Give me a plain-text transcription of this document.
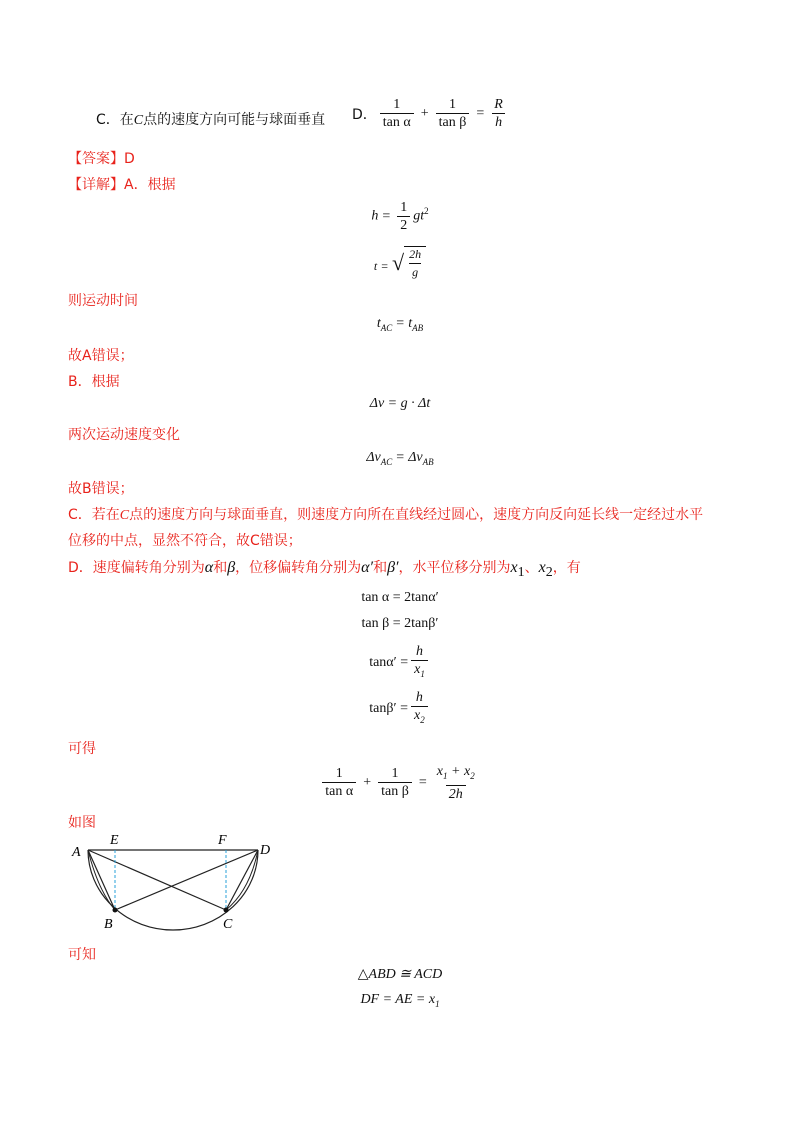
C．在C点的速度方向可能与球面垂直 D． $\frac{1}{\text{tan α}} + \frac{1}{\text{tan β}} = \frac{R}{h}$
【答案】D
【详解】A．根据
$h = \frac{1}{2} gt^2$
t = √ $\frac{2h}{g}$
则运动时间
$t_{AC} = t_{AB}$
故A错误；
B．根据
Δv = g · Δt
两次运动速度变化
$\Delta v_{AC} = \Delta v_{AB}$
故B错误；
C．若在C点的速度方向与球面垂直，则速度方向所在直线经过圆心，速度方向反向延长线一定经过水平
位移的中点，显然不符合，故C错误；
D．速度偏转角分别为α和β，位移偏转角分别为α′和β′，水平位移分别为$x_1$、$x_2$，有
tan α = 2tanα′
tan β = 2tanβ′
$\tan\alpha' = \frac{h}{x_1}$
$\tan\beta' = \frac{h}{x_2}$
可得
$\frac{1}{\text{tan α}} + \frac{1}{\text{tan β}} = \frac{x_1 + x_2}{2h}$
如图
A
E	F
D
B	C
可知
△ABD ≅ ACD
DF = AE = $x_1$
